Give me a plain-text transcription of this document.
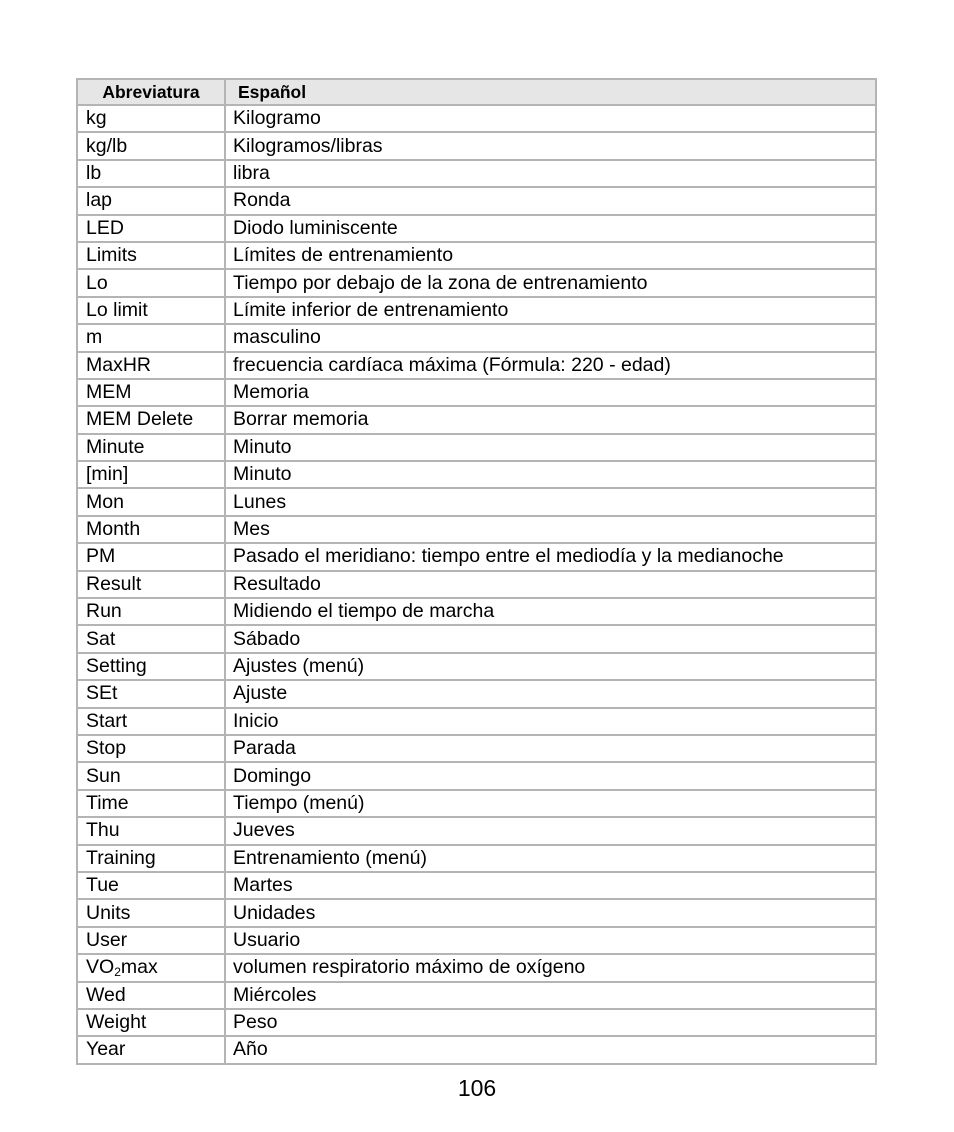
Abreviatura	Español
kg	Kilogramo
kg/lb	Kilogramos/libras
lb	libra
lap	Ronda
LED	Diodo luminiscente
Limits	Límites de entrenamiento
Lo	Tiempo por debajo de la zona de entrenamiento
Lo limit	Límite inferior de entrenamiento
m	masculino
MaxHR	frecuencia cardíaca máxima (Fórmula: 220 - edad)
MEM	Memoria
MEM Delete	Borrar memoria
Minute	Minuto
[min]	Minuto
Mon	Lunes
Month	Mes
PM	Pasado el meridiano: tiempo entre el mediodía y la medianoche
Result	Resultado
Run	Midiendo el tiempo de marcha
Sat	Sábado
Setting	Ajustes (menú)
SEt	Ajuste
Start	Inicio
Stop	Parada
Sun	Domingo
Time	Tiempo (menú)
Thu	Jueves
Training	Entrenamiento (menú)
Tue	Martes
Units	Unidades
User	Usuario
$VO_2\max$	volumen respiratorio máximo de oxígeno
Wed	Miércoles
Weight	Peso
Year	Año
106
